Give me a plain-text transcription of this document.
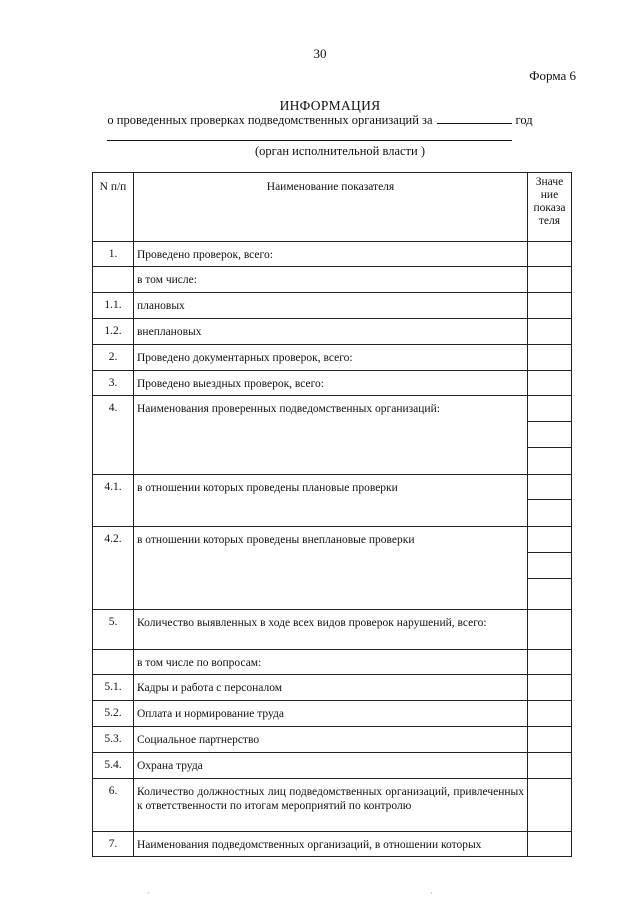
30
Форма 6
ИНФОРМАЦИЯ
о проведенных проверках подведомственных организаций за	год
(орган исполнительной власти )
N п/п	Наименование показателя	Значе
ние
показа
теля
1.	Проведено проверок, всего:	
	в том числе:	
1.1.	плановых	
1.2.	внеплановых	
2.	Проведено документарных проверок, всего:	
3.	Проведено выездных проверок, всего:	
4.	Наименования проверенных подведомственных организаций:	

4.1.	в отношении которых проведены плановые проверки	

4.2.	в отношении которых проведены внеплановые проверки	

5.	Количество выявленных в ходе всех видов проверок нарушений, всего:	
	в том числе по вопросам:	
5.1.	Кадры и работа с персоналом	
5.2.	Оплата и нормирование труда	
5.3.	Социальное партнерство	
5.4.	Охрана труда	
6.	Количество должностных лиц подведомственных организаций, привлеченных к ответственности по итогам мероприятий по контролю	
7.	Наименования подведомственных организаций, в отношении которых	
·	·
